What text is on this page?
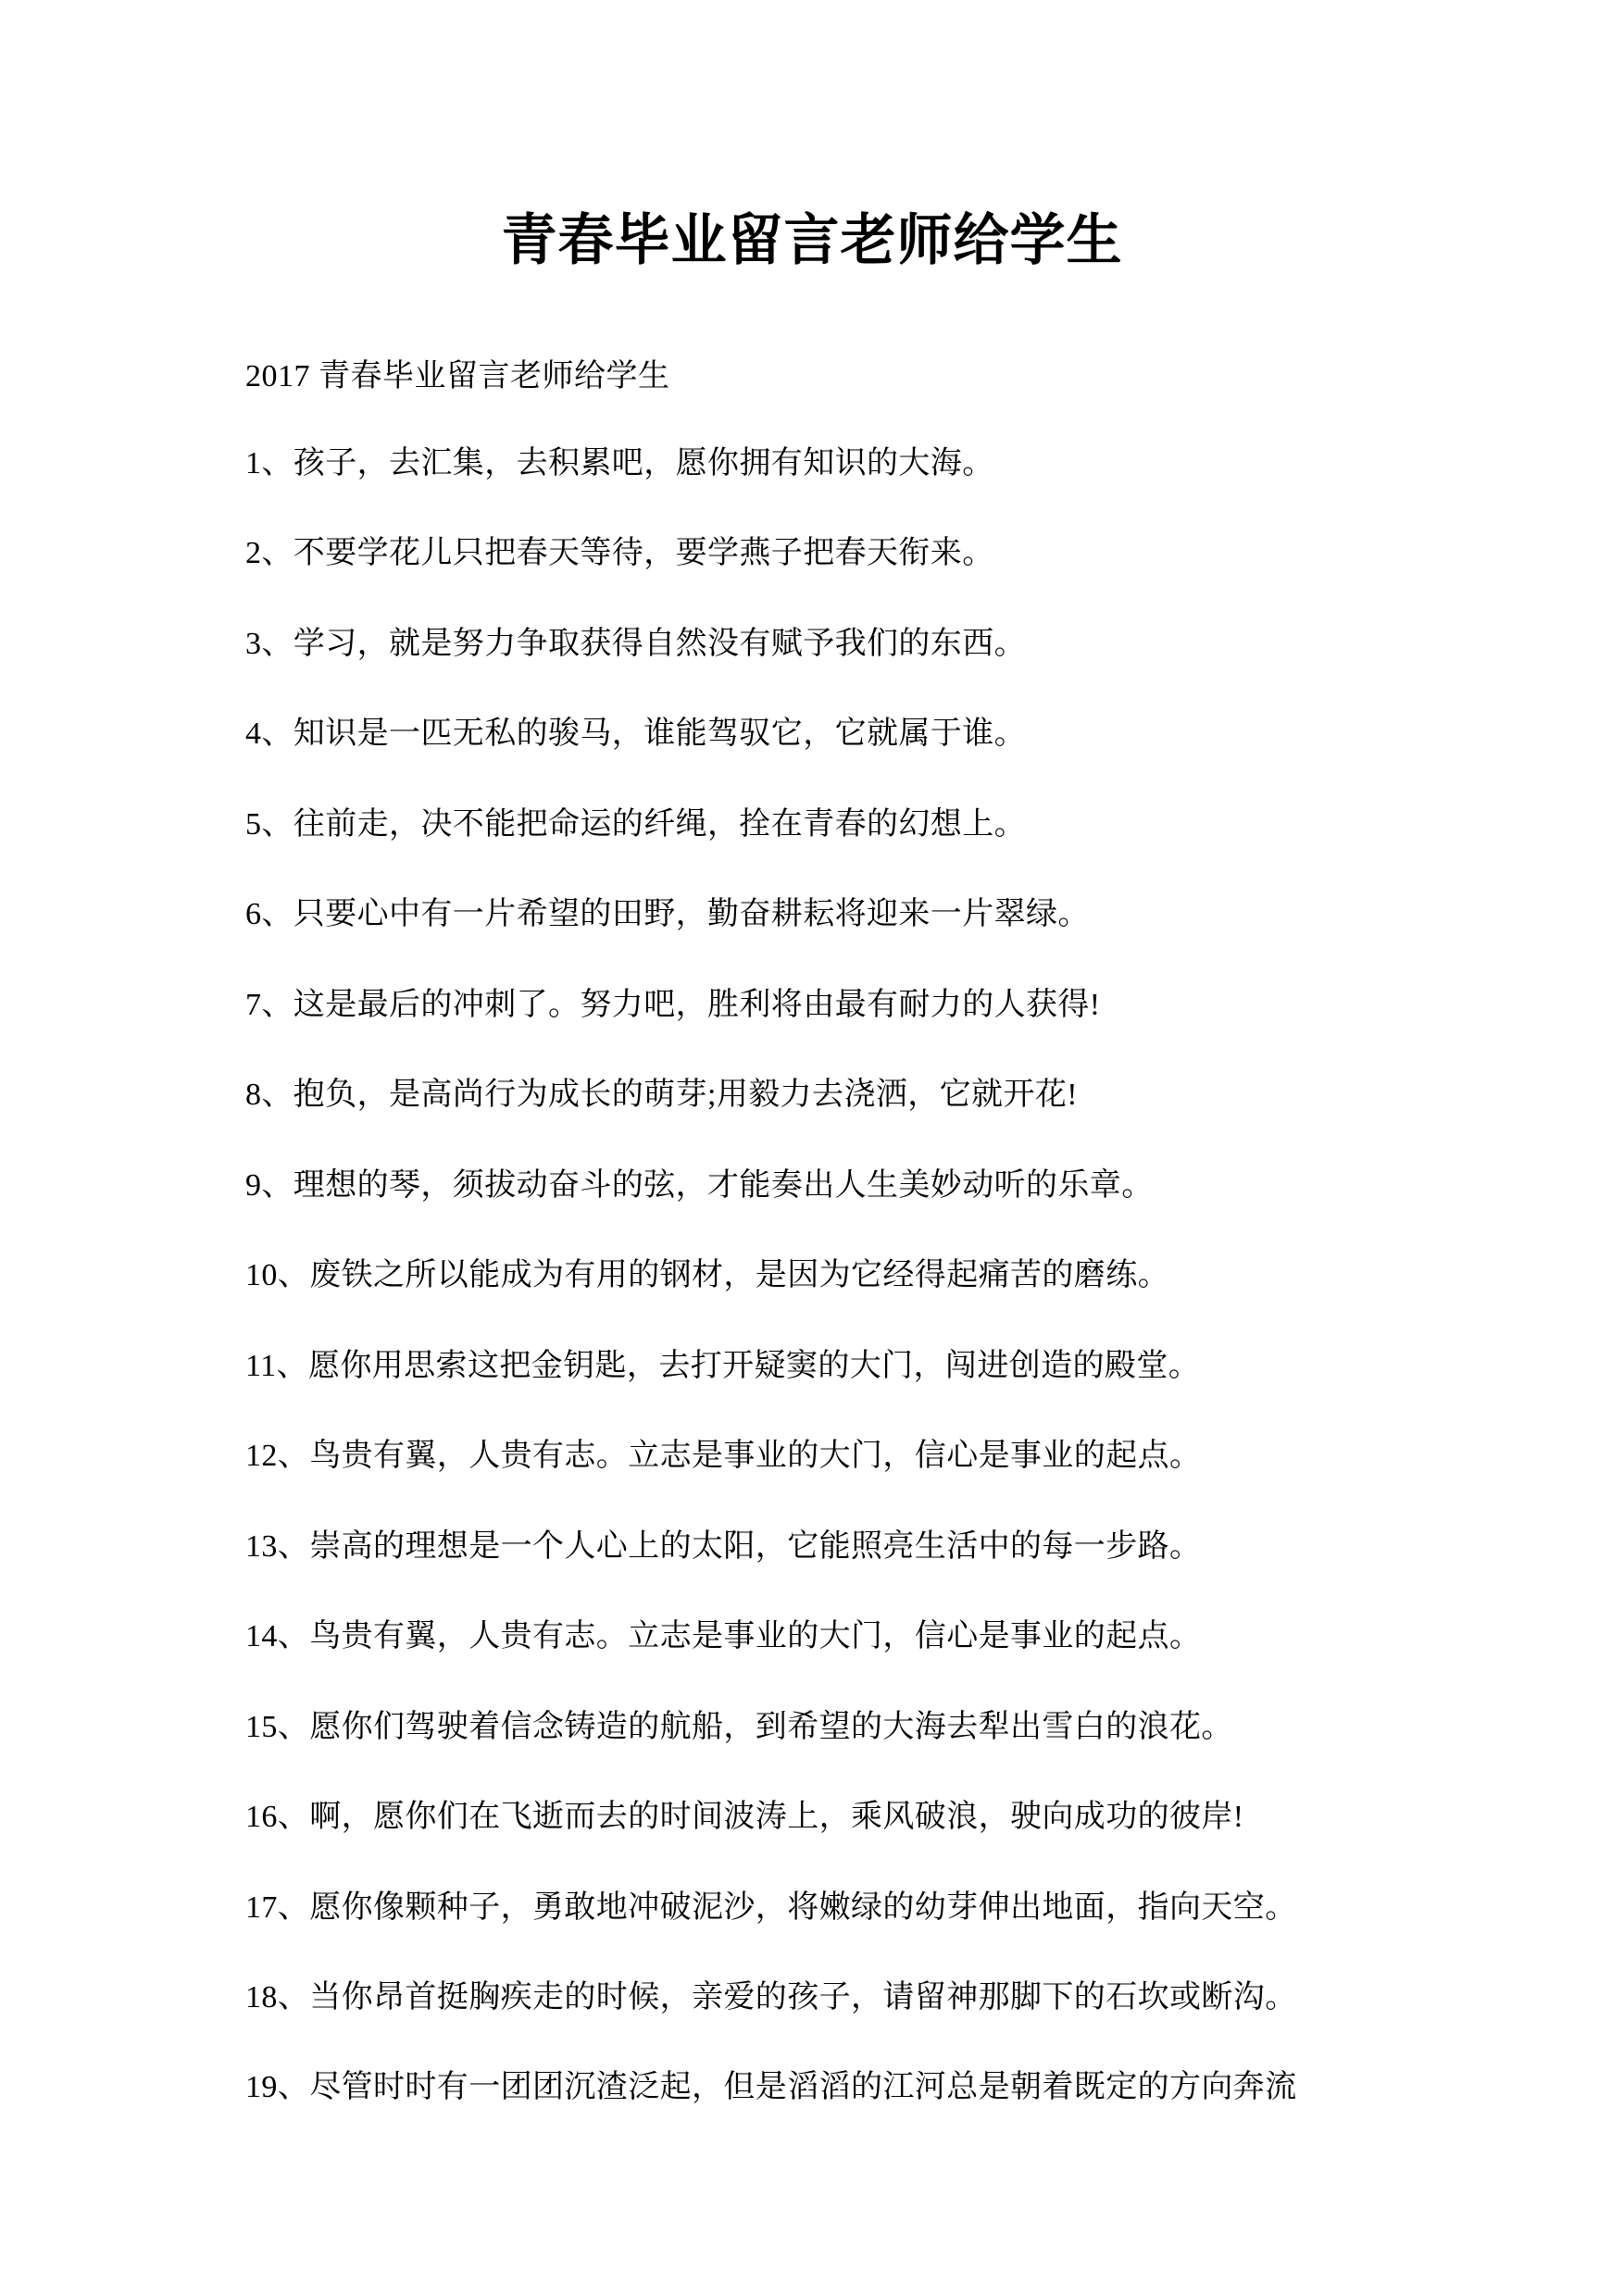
青春毕业留言老师给学生

2017 青春毕业留言老师给学生

1、孩子，去汇集，去积累吧，愿你拥有知识的大海。

2、不要学花儿只把春天等待，要学燕子把春天衔来。

3、学习，就是努力争取获得自然没有赋予我们的东西。

4、知识是一匹无私的骏马，谁能驾驭它，它就属于谁。

5、往前走，决不能把命运的纤绳，拴在青春的幻想上。

6、只要心中有一片希望的田野，勤奋耕耘将迎来一片翠绿。

7、这是最后的冲刺了。努力吧，胜利将由最有耐力的人获得!

8、抱负，是高尚行为成长的萌芽;用毅力去浇洒，它就开花!

9、理想的琴，须拔动奋斗的弦，才能奏出人生美妙动听的乐章。

10、废铁之所以能成为有用的钢材，是因为它经得起痛苦的磨练。

11、愿你用思索这把金钥匙，去打开疑窦的大门，闯进创造的殿堂。

12、鸟贵有翼，人贵有志。立志是事业的大门，信心是事业的起点。

13、崇高的理想是一个人心上的太阳，它能照亮生活中的每一步路。

14、鸟贵有翼，人贵有志。立志是事业的大门，信心是事业的起点。

15、愿你们驾驶着信念铸造的航船，到希望的大海去犁出雪白的浪花。

16、啊，愿你们在飞逝而去的时间波涛上，乘风破浪，驶向成功的彼岸!

17、愿你像颗种子，勇敢地冲破泥沙，将嫩绿的幼芽伸出地面，指向天空。

18、当你昂首挺胸疾走的时候，亲爱的孩子，请留神那脚下的石坎或断沟。

19、尽管时时有一团团沉渣泛起，但是滔滔的江河总是朝着既定的方向奔流
